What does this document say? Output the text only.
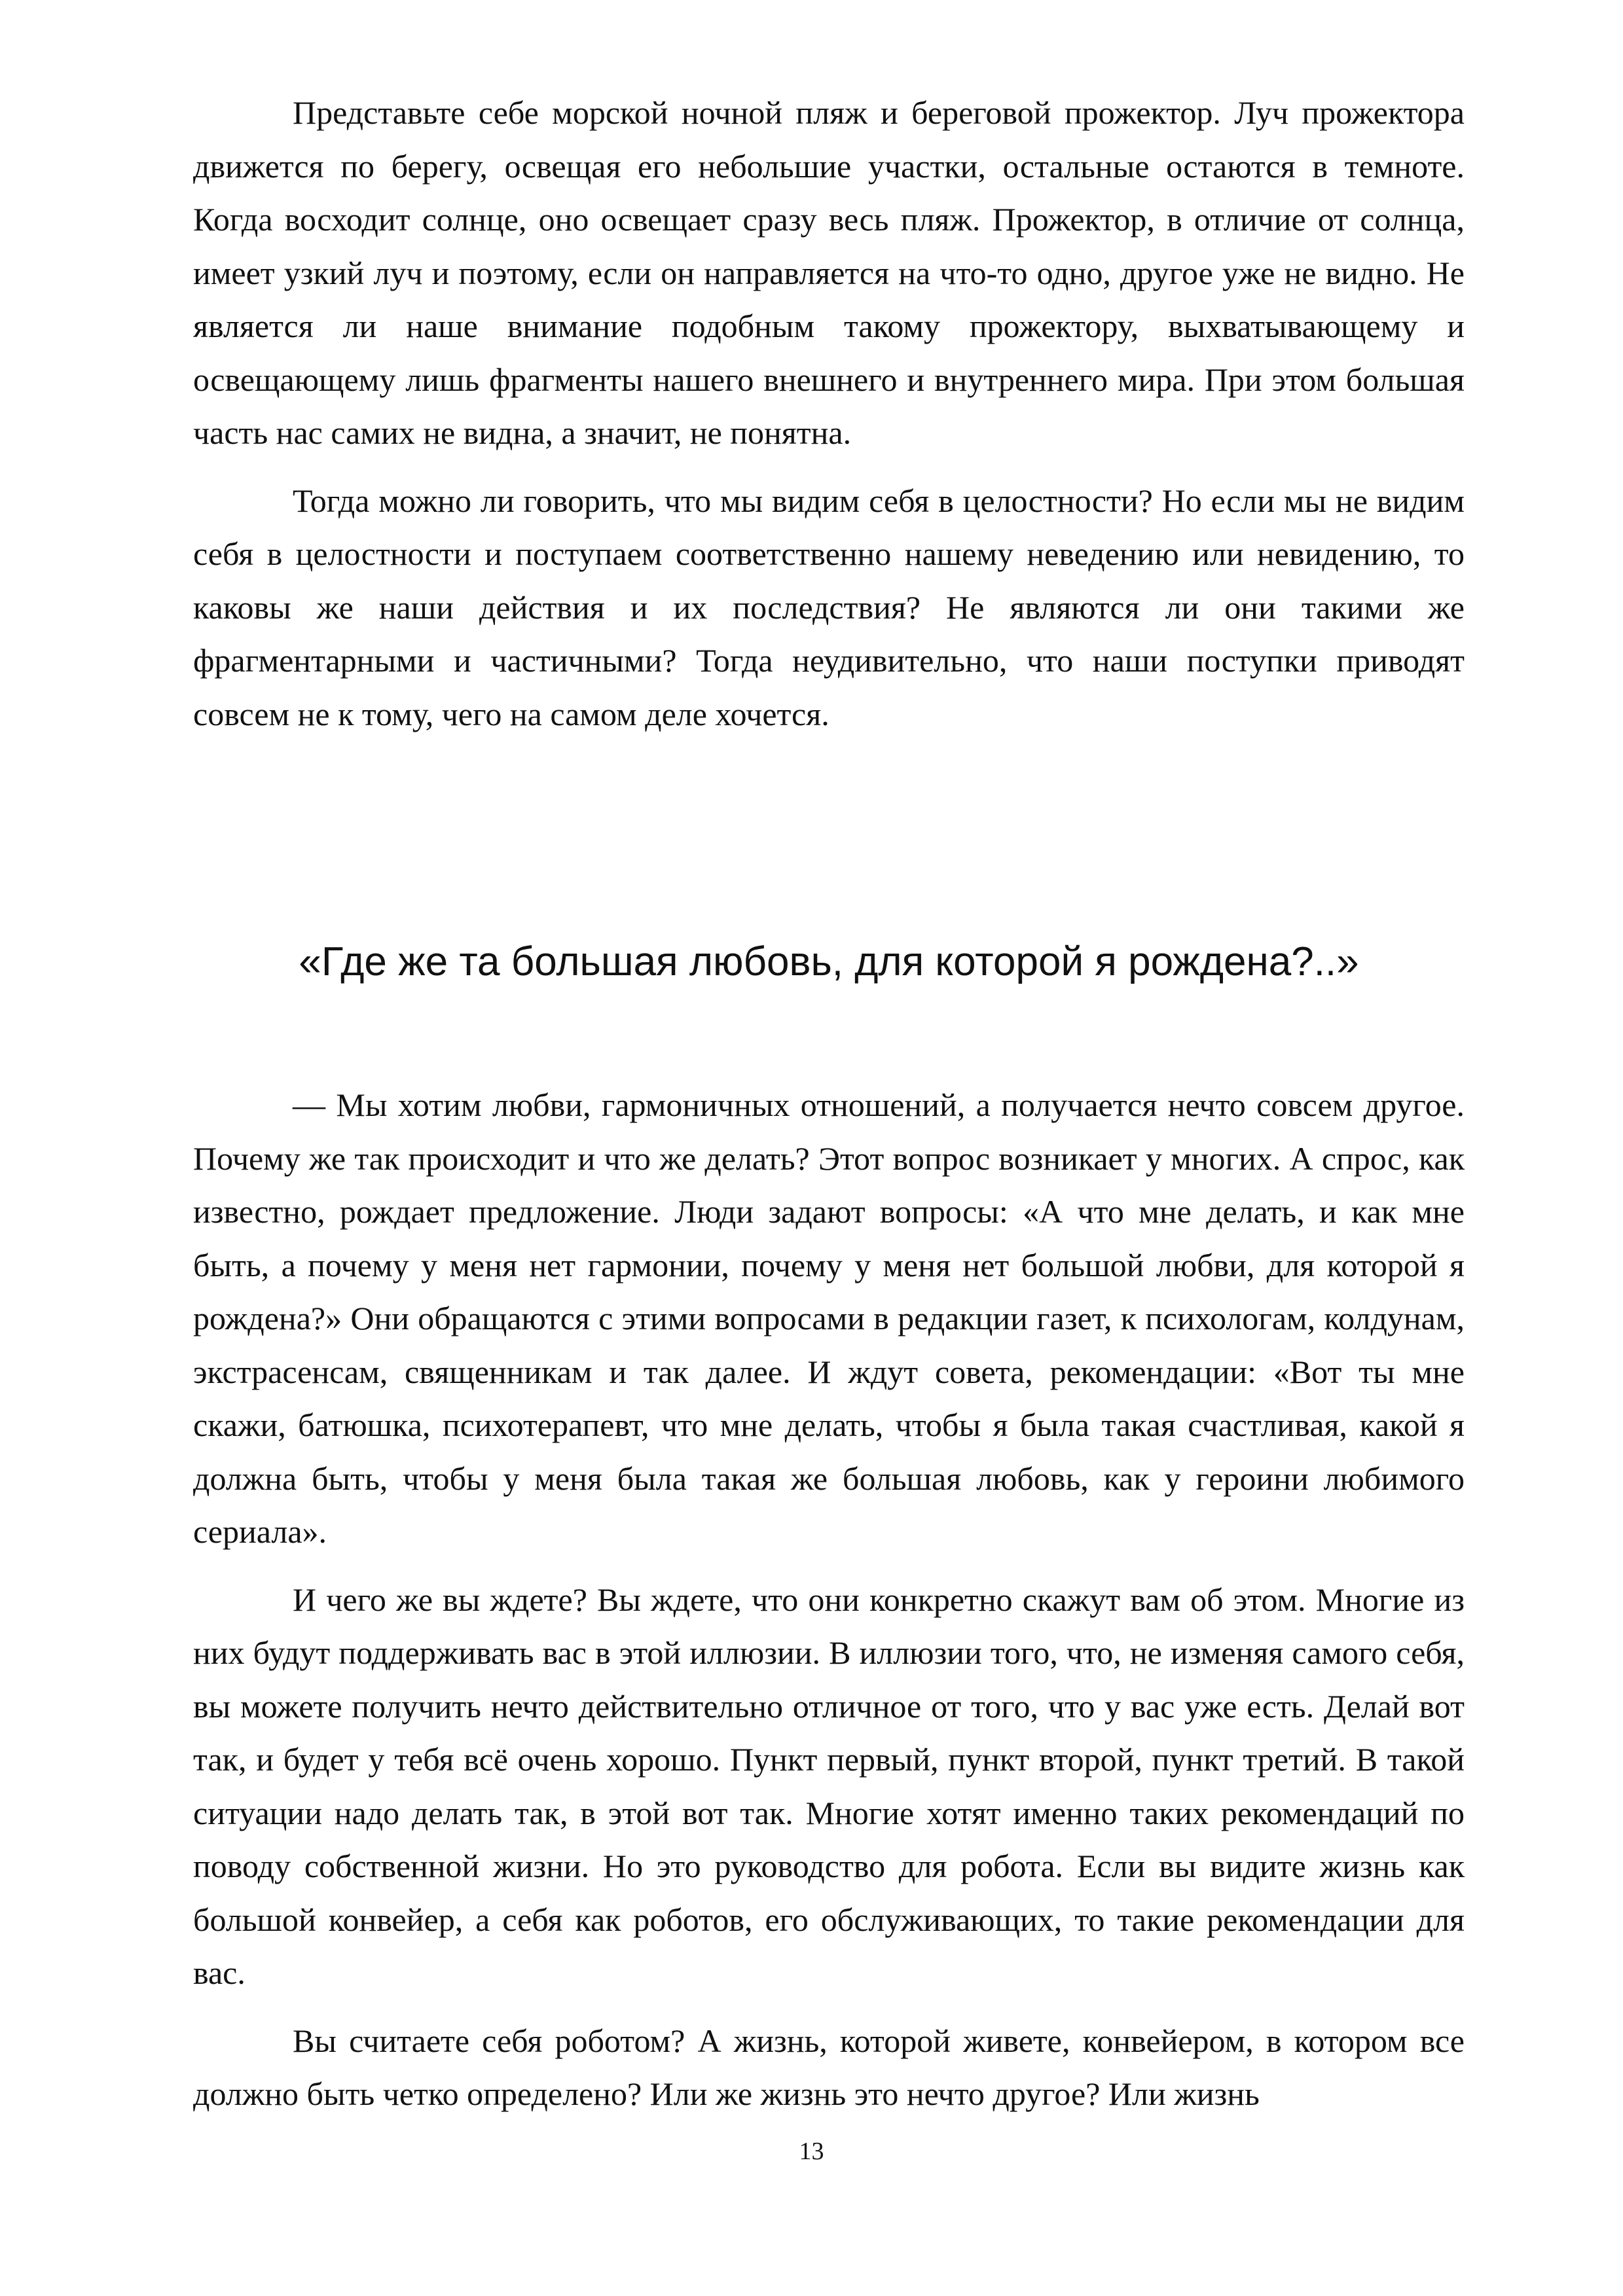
Представьте себе морской ночной пляж и береговой прожектор. Луч прожектора движется по берегу, освещая его небольшие участки, остальные остаются в темноте. Когда восходит солнце, оно освещает сразу весь пляж. Прожектор, в отличие от солнца, имеет узкий луч и поэтому, если он направляется на что-то одно, другое уже не видно. Не является ли наше внимание подобным такому прожектору, выхватывающему и освещающему лишь фрагменты нашего внешнего и внутреннего мира. При этом большая часть нас самих не видна, а значит, не понятна.

Тогда можно ли говорить, что мы видим себя в целостности? Но если мы не видим себя в целостности и поступаем соответственно нашему неведению или невидению, то каковы же наши действия и их последствия? Не являются ли они такими же фрагментарными и частичными? Тогда неудивительно, что наши поступки приводят совсем не к тому, чего на самом деле хочется.

«Где же та большая любовь, для которой я рождена?..»

— Мы хотим любви, гармоничных отношений, а получается нечто совсем другое. Почему же так происходит и что же делать? Этот вопрос возникает у многих. А спрос, как известно, рождает предложение. Люди задают вопросы: «А что мне делать, и как мне быть, а почему у меня нет гармонии, почему у меня нет большой любви, для которой я рождена?» Они обращаются с этими вопросами в редакции газет, к психологам, колдунам, экстрасенсам, священникам и так далее. И ждут совета, рекомендации: «Вот ты мне скажи, батюшка, психотерапевт, что мне делать, чтобы я была такая счастливая, какой я должна быть, чтобы у меня была такая же большая любовь, как у героини любимого сериала».

И чего же вы ждете? Вы ждете, что они конкретно скажут вам об этом. Многие из них будут поддерживать вас в этой иллюзии. В иллюзии того, что, не изменяя самого себя, вы можете получить нечто действительно отличное от того, что у вас уже есть. Делай вот так, и будет у тебя всё очень хорошо. Пункт первый, пункт второй, пункт третий. В такой ситуации надо делать так, в этой вот так. Многие хотят именно таких рекомендаций по поводу собственной жизни. Но это руководство для робота. Если вы видите жизнь как большой конвейер, а себя как роботов, его обслуживающих, то такие рекомендации для вас.

Вы считаете себя роботом? А жизнь, которой живете, конвейером, в котором все должно быть четко определено? Или же жизнь это нечто другое? Или жизнь

13
